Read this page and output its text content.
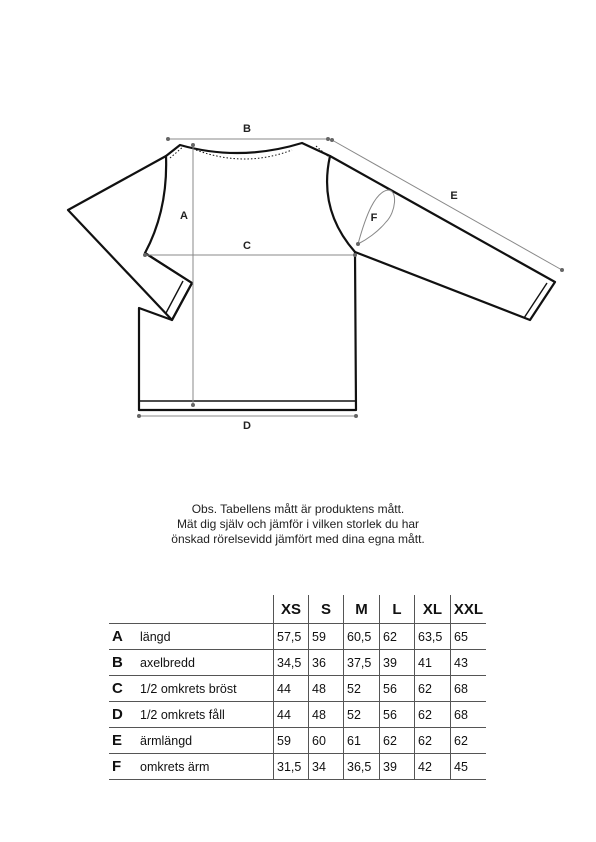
B
A
C
D
E
F
Obs. Tabellens mått är produktens mått.
Mät dig själv och jämför i vilken storlek du har
önskad rörelsevidd jämfört med dina egna mått.
		XS	S	M	L	XL	XXL
A	längd	57,5	59	60,5	62	63,5	65
B	axelbredd	34,5	36	37,5	39	41	43
C	1/2 omkrets bröst	44	48	52	56	62	68
D	1/2 omkrets fåll	44	48	52	56	62	68
E	ärmlängd	59	60	61	62	62	62
F	omkrets ärm	31,5	34	36,5	39	42	45
